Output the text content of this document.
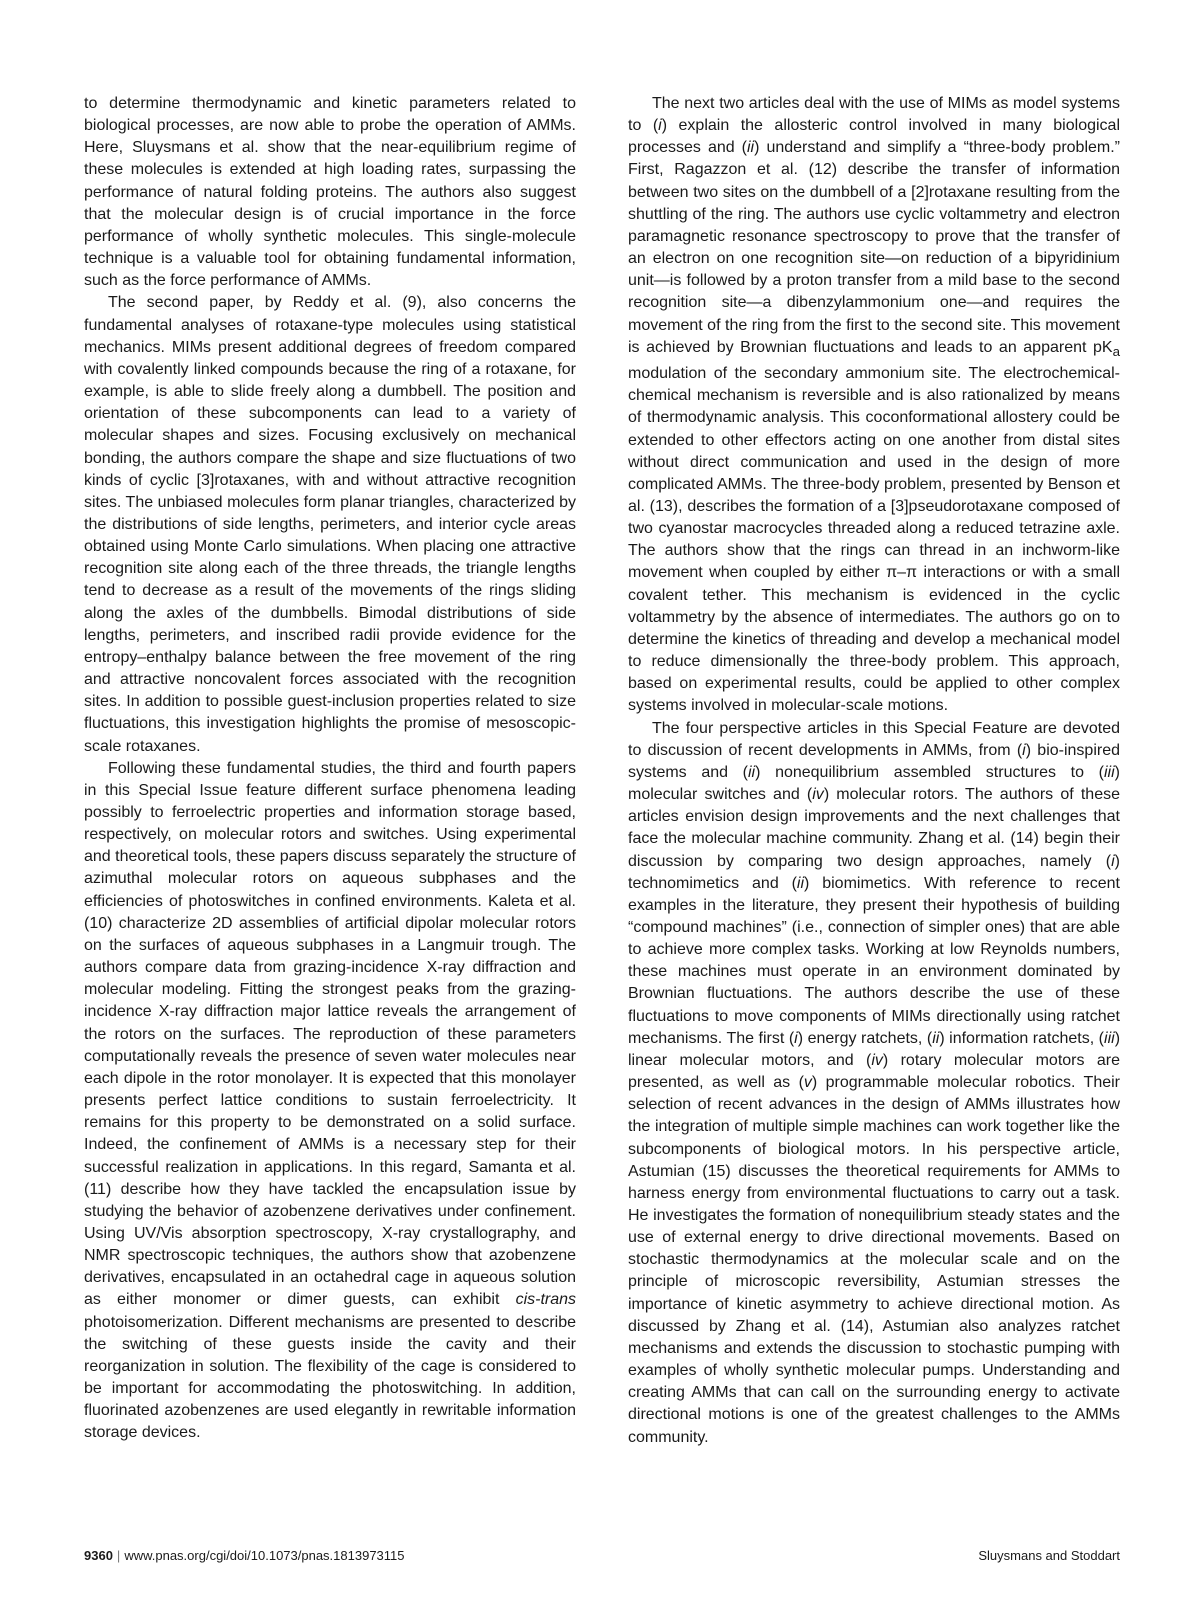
to determine thermodynamic and kinetic parameters related to biological processes, are now able to probe the operation of AMMs. Here, Sluysmans et al. show that the near-equilibrium regime of these molecules is extended at high loading rates, surpassing the performance of natural folding proteins. The authors also suggest that the molecular design is of crucial importance in the force performance of wholly synthetic molecules. This single-molecule technique is a valuable tool for obtaining fundamental information, such as the force performance of AMMs.

The second paper, by Reddy et al. (9), also concerns the fundamental analyses of rotaxane-type molecules using statistical mechanics. MIMs present additional degrees of freedom compared with covalently linked compounds because the ring of a rotaxane, for example, is able to slide freely along a dumbbell. The position and orientation of these subcomponents can lead to a variety of molecular shapes and sizes. Focusing exclusively on mechanical bonding, the authors compare the shape and size fluctuations of two kinds of cyclic [3]rotaxanes, with and without attractive recognition sites. The unbiased molecules form planar triangles, characterized by the distributions of side lengths, perimeters, and interior cycle areas obtained using Monte Carlo simulations. When placing one attractive recognition site along each of the three threads, the triangle lengths tend to decrease as a result of the movements of the rings sliding along the axles of the dumbbells. Bimodal distributions of side lengths, perimeters, and inscribed radii provide evidence for the entropy–enthalpy balance between the free movement of the ring and attractive noncovalent forces associated with the recognition sites. In addition to possible guest-inclusion properties related to size fluctuations, this investigation highlights the promise of mesoscopic-scale rotaxanes.

Following these fundamental studies, the third and fourth papers in this Special Issue feature different surface phenomena leading possibly to ferroelectric properties and information storage based, respectively, on molecular rotors and switches. Using experimental and theoretical tools, these papers discuss separately the structure of azimuthal molecular rotors on aqueous subphases and the efficiencies of photoswitches in confined environments. Kaleta et al. (10) characterize 2D assemblies of artificial dipolar molecular rotors on the surfaces of aqueous subphases in a Langmuir trough. The authors compare data from grazing-incidence X-ray diffraction and molecular modeling. Fitting the strongest peaks from the grazing-incidence X-ray diffraction major lattice reveals the arrangement of the rotors on the surfaces. The reproduction of these parameters computationally reveals the presence of seven water molecules near each dipole in the rotor monolayer. It is expected that this monolayer presents perfect lattice conditions to sustain ferroelectricity. It remains for this property to be demonstrated on a solid surface. Indeed, the confinement of AMMs is a necessary step for their successful realization in applications. In this regard, Samanta et al. (11) describe how they have tackled the encapsulation issue by studying the behavior of azobenzene derivatives under confinement. Using UV/Vis absorption spectroscopy, X-ray crystallography, and NMR spectroscopic techniques, the authors show that azobenzene derivatives, encapsulated in an octahedral cage in aqueous solution as either monomer or dimer guests, can exhibit cis-trans photoisomerization. Different mechanisms are presented to describe the switching of these guests inside the cavity and their reorganization in solution. The flexibility of the cage is considered to be important for accommodating the photoswitching. In addition, fluorinated azobenzenes are used elegantly in rewritable information storage devices.

The next two articles deal with the use of MIMs as model systems to (i) explain the allosteric control involved in many biological processes and (ii) understand and simplify a “three-body problem.” First, Ragazzon et al. (12) describe the transfer of information between two sites on the dumbbell of a [2]rotaxane resulting from the shuttling of the ring. The authors use cyclic voltammetry and electron paramagnetic resonance spectroscopy to prove that the transfer of an electron on one recognition site—on reduction of a bipyridinium unit—is followed by a proton transfer from a mild base to the second recognition site—a dibenzylammonium one—and requires the movement of the ring from the first to the second site. This movement is achieved by Brownian fluctuations and leads to an apparent $pK_a$ modulation of the secondary ammonium site. The electrochemical-chemical mechanism is reversible and is also rationalized by means of thermodynamic analysis. This coconformational allostery could be extended to other effectors acting on one another from distal sites without direct communication and used in the design of more complicated AMMs. The three-body problem, presented by Benson et al. (13), describes the formation of a [3]pseudorotaxane composed of two cyanostar macrocycles threaded along a reduced tetrazine axle. The authors show that the rings can thread in an inchworm-like movement when coupled by either π–π interactions or with a small covalent tether. This mechanism is evidenced in the cyclic voltammetry by the absence of intermediates. The authors go on to determine the kinetics of threading and develop a mechanical model to reduce dimensionally the three-body problem. This approach, based on experimental results, could be applied to other complex systems involved in molecular-scale motions.

The four perspective articles in this Special Feature are devoted to discussion of recent developments in AMMs, from (i) bio-inspired systems and (ii) nonequilibrium assembled structures to (iii) molecular switches and (iv) molecular rotors. The authors of these articles envision design improvements and the next challenges that face the molecular machine community. Zhang et al. (14) begin their discussion by comparing two design approaches, namely (i) technomimetics and (ii) biomimetics. With reference to recent examples in the literature, they present their hypothesis of building “compound machines” (i.e., connection of simpler ones) that are able to achieve more complex tasks. Working at low Reynolds numbers, these machines must operate in an environment dominated by Brownian fluctuations. The authors describe the use of these fluctuations to move components of MIMs directionally using ratchet mechanisms. The first (i) energy ratchets, (ii) information ratchets, (iii) linear molecular motors, and (iv) rotary molecular motors are presented, as well as (v) programmable molecular robotics. Their selection of recent advances in the design of AMMs illustrates how the integration of multiple simple machines can work together like the subcomponents of biological motors. In his perspective article, Astumian (15) discusses the theoretical requirements for AMMs to harness energy from environmental fluctuations to carry out a task. He investigates the formation of nonequilibrium steady states and the use of external energy to drive directional movements. Based on stochastic thermodynamics at the molecular scale and on the principle of microscopic reversibility, Astumian stresses the importance of kinetic asymmetry to achieve directional motion. As discussed by Zhang et al. (14), Astumian also analyzes ratchet mechanisms and extends the discussion to stochastic pumping with examples of wholly synthetic molecular pumps. Understanding and creating AMMs that can call on the surrounding energy to activate directional motions is one of the greatest challenges to the AMMs community.

9360 | www.pnas.org/cgi/doi/10.1073/pnas.1813973115	Sluysmans and Stoddart
